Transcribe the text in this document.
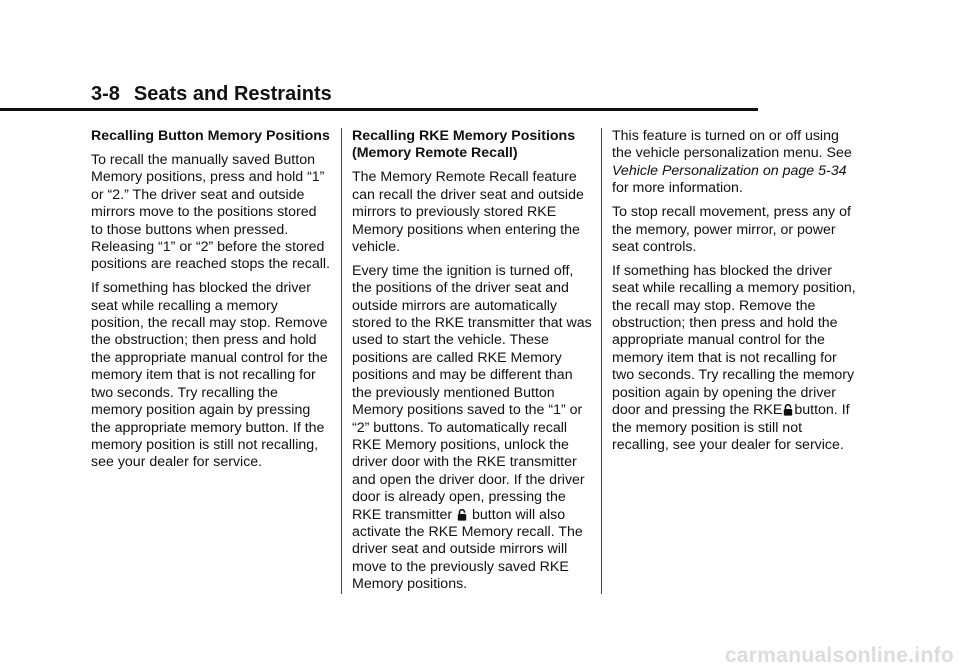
3-8 Seats and Restraints

Recalling Button Memory Positions

To recall the manually saved Button Memory positions, press and hold “1” or “2.” The driver seat and outside mirrors move to the positions stored to those buttons when pressed. Releasing “1” or “2” before the stored positions are reached stops the recall.

If something has blocked the driver seat while recalling a memory position, the recall may stop. Remove the obstruction; then press and hold the appropriate manual control for the memory item that is not recalling for two seconds. Try recalling the memory position again by pressing the appropriate memory button. If the memory position is still not recalling, see your dealer for service.

Recalling RKE Memory Positions (Memory Remote Recall)

The Memory Remote Recall feature can recall the driver seat and outside mirrors to previously stored RKE Memory positions when entering the vehicle.

Every time the ignition is turned off, the positions of the driver seat and outside mirrors are automatically stored to the RKE transmitter that was used to start the vehicle. These positions are called RKE Memory positions and may be different than the previously mentioned Button Memory positions saved to the “1” or “2” buttons. To automatically recall RKE Memory positions, unlock the driver door with the RKE transmitter and open the driver door. If the driver door is already open, pressing the RKE transmitter button will also activate the RKE Memory recall. The driver seat and outside mirrors will move to the previously saved RKE Memory positions.

This feature is turned on or off using the vehicle personalization menu. See Vehicle Personalization on page 5-34 for more information.

To stop recall movement, press any of the memory, power mirror, or power seat controls.

If something has blocked the driver seat while recalling a memory position, the recall may stop. Remove the obstruction; then press and hold the appropriate manual control for the memory item that is not recalling for two seconds. Try recalling the memory position again by opening the driver door and pressing the RKE button. If the memory position is still not recalling, see your dealer for service.

carmanualsonline.info
